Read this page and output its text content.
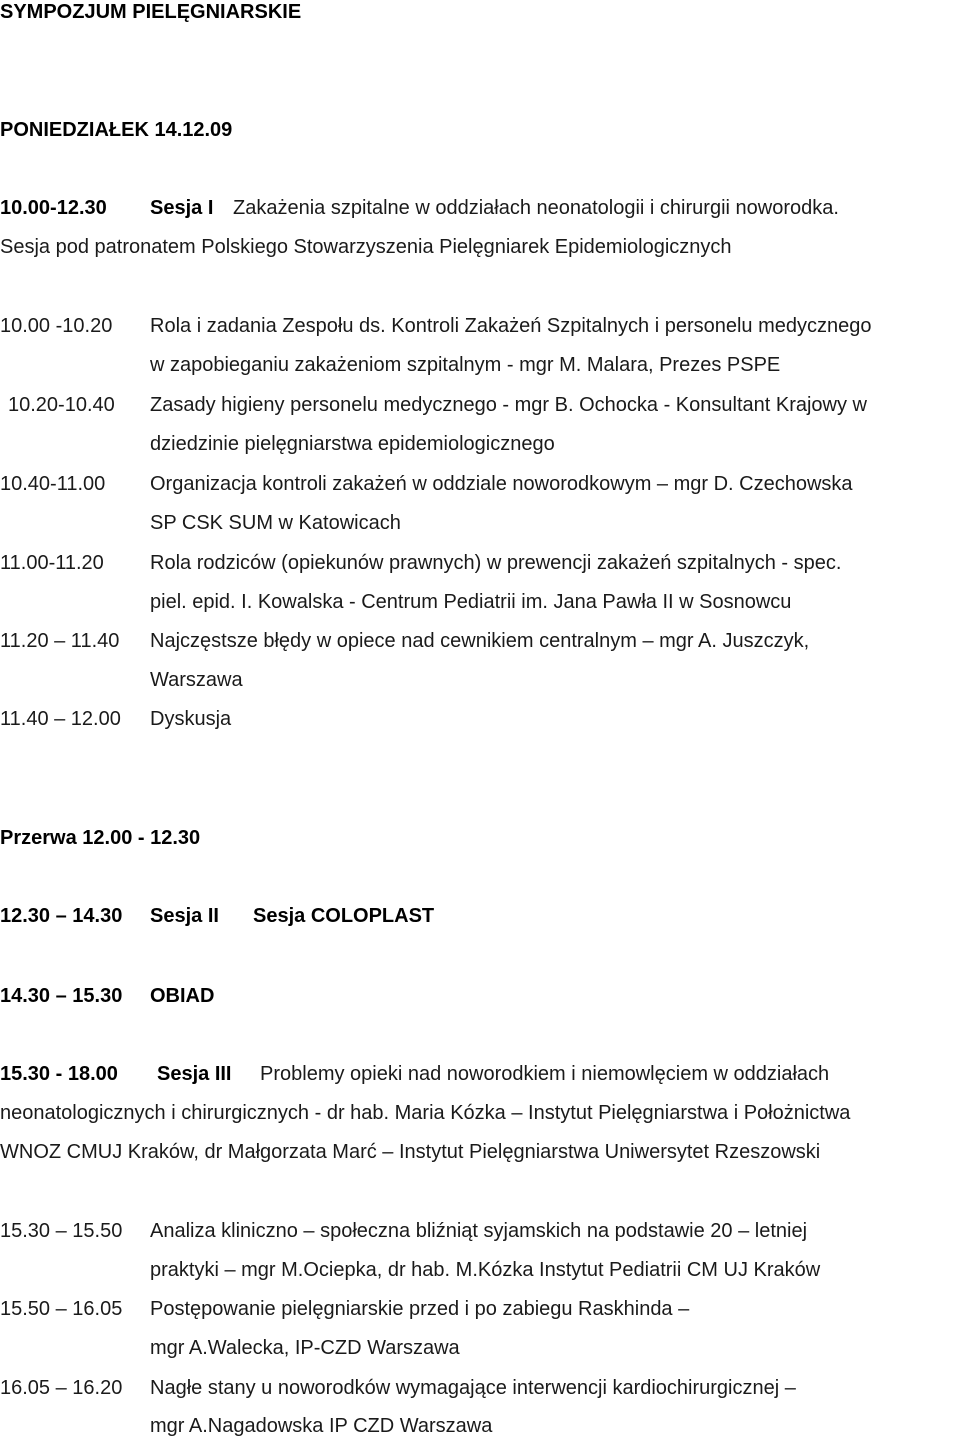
SYMPOZJUM PIELĘGNIARSKIE
PONIEDZIAŁEK 14.12.09
10.00-12.30 Sesja I Zakażenia szpitalne w oddziałach neonatologii i chirurgii noworodka.
Sesja pod patronatem Polskiego Stowarzyszenia Pielęgniarek Epidemiologicznych
10.00 -10.20 Rola i zadania Zespołu ds. Kontroli Zakażeń Szpitalnych i personelu medycznego
w zapobieganiu zakażeniom szpitalnym - mgr M. Malara, Prezes PSPE
10.20-10.40 Zasady higieny personelu medycznego - mgr B. Ochocka - Konsultant Krajowy w
dziedzinie pielęgniarstwa epidemiologicznego
10.40-11.00 Organizacja kontroli zakażeń w oddziale noworodkowym – mgr D. Czechowska
SP CSK SUM w Katowicach
11.00-11.20 Rola rodziców (opiekunów prawnych) w prewencji zakażeń szpitalnych - spec.
piel. epid. I. Kowalska - Centrum Pediatrii im. Jana Pawła II w Sosnowcu
11.20 – 11.40 Najczęstsze błędy w opiece nad cewnikiem centralnym – mgr A. Juszczyk,
Warszawa
11.40 – 12.00 Dyskusja
Przerwa 12.00 - 12.30
12.30 – 14.30 Sesja II Sesja COLOPLAST
14.30 – 15.30 OBIAD
15.30 - 18.00 Sesja III Problemy opieki nad noworodkiem i niemowlęciem w oddziałach
neonatologicznych i chirurgicznych - dr hab. Maria Kózka – Instytut Pielęgniarstwa i Położnictwa
WNOZ CMUJ Kraków, dr Małgorzata Marć – Instytut Pielęgniarstwa Uniwersytet Rzeszowski
15.30 – 15.50 Analiza kliniczno – społeczna bliźniąt syjamskich na podstawie 20 – letniej
praktyki – mgr M.Ociepka, dr hab. M.Kózka Instytut Pediatrii CM UJ Kraków
15.50 – 16.05 Postępowanie pielęgniarskie przed i po zabiegu Raskhinda –
mgr A.Walecka, IP-CZD Warszawa
16.05 – 16.20 Nagłe stany u noworodków wymagające interwencji kardiochirurgicznej –
mgr A.Nagadowska IP CZD Warszawa
